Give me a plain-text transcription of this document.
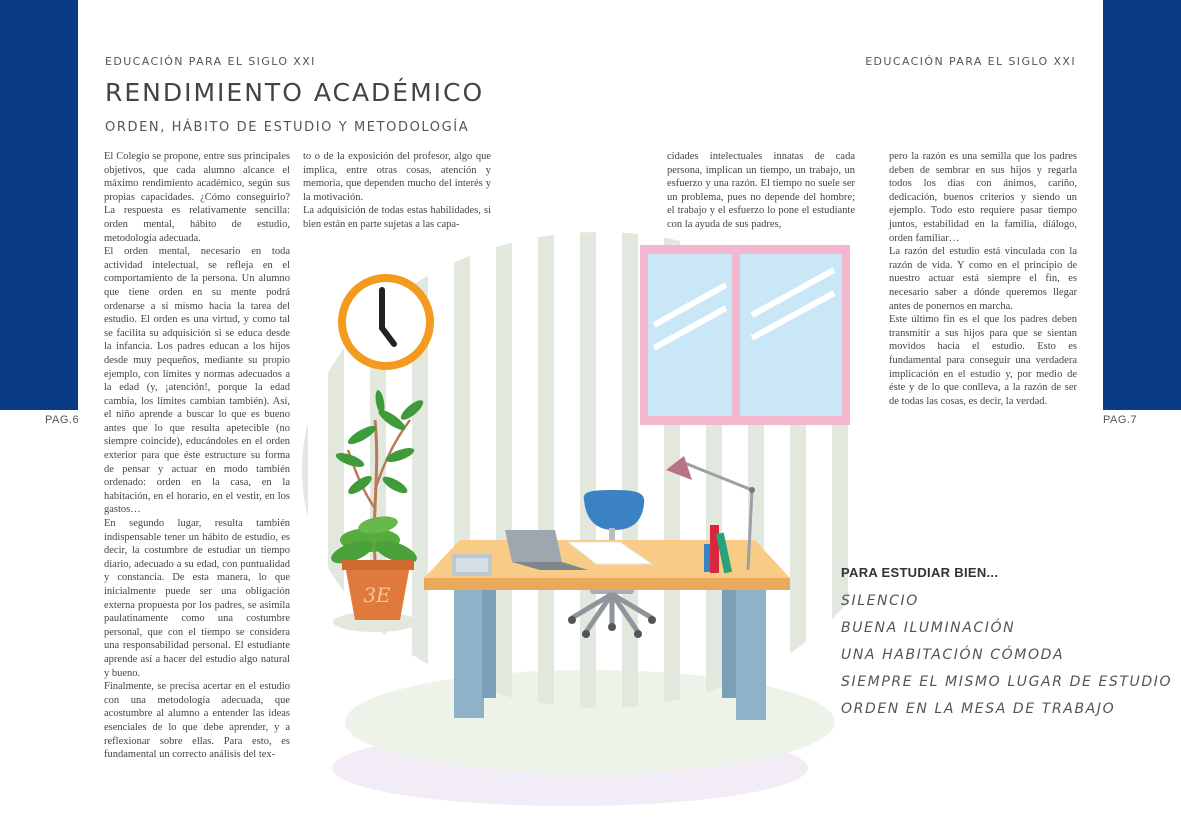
EDUCACIÓN PARA EL SIGLO XXI	EDUCACIÓN PARA EL SIGLO XXI
PAG.6	PAG.7
RENDIMIENTO ACADÉMICO
ORDEN, HÁBITO DE ESTUDIO Y METODOLOGÍA
3E

El Colegio se propone, entre sus principales objetivos, que cada alumno alcance el máximo rendimiento académico, según sus propias capacidades. ¿Cómo conseguirlo? La respuesta es relativamente sencilla: orden mental, hábito de estudio, metodología adecuada.

El orden mental, necesario en toda actividad intelectual, se refleja en el comportamiento de la persona. Un alumno que tiene orden en su mente podrá ordenarse a sí mismo hacia la tarea del estudio. El orden es una virtud, y como tal se facilita su adquisición si se educa desde la infancia. Los padres educan a los hijos desde muy pequeños, mediante su propio ejemplo, con límites y normas adecuados a la edad (y, ¡atención!, porque la edad cambia, los límites cambian también). Así, el niño aprende a buscar lo que es bueno antes que lo que resulta apetecible (no siempre coincide), educándoles en el orden exterior para que éste estructure su forma de pensar y actuar en modo también ordenado: orden en la casa, en la habitación, en el horario, en el vestir, en los gastos…

En segundo lugar, resulta también indispensable tener un hábito de estudio, es decir, la costumbre de estudiar un tiempo diario, adecuado a su edad, con puntualidad y constancia. De esta manera, lo que inicialmente puede ser una obligación externa propuesta por los padres, se asimila paulatinamente como una costumbre personal, que con el tiempo se considera una responsabilidad personal. El estudiante aprende así a hacer del estudio algo natural y bueno.

Finalmente, se precisa acertar en el estudio con una metodología adecuada, que acostumbre al alumno a entender las ideas esenciales de lo que debe aprender, y a reflexionar sobre ellas. Para esto, es fundamental un correcto análisis del tex-

to o de la exposición del profesor, algo que implica, entre otras cosas, atención y memoria, que dependen mucho del interés y la motivación.

La adquisición de todas estas habilidades, si bien están en parte sujetas a las capa-

cidades intelectuales innatas de cada persona, implican un tiempo, un trabajo, un esfuerzo y una razón. El tiempo no suele ser un problema, pues no depende del hombre; el trabajo y el esfuerzo lo pone el estudiante con la ayuda de sus padres,

pero la razón es una semilla que los padres deben de sembrar en sus hijos y regarla todos los días con ánimos, cariño, dedicación, buenos criterios y siendo un ejemplo. Todo esto requiere pasar tiempo juntos, estabilidad en la familia, diálogo, orden familiar…

La razón del estudio está vinculada con la razón de vida. Y como en el principio de nuestro actuar está siempre el fin, es necesario saber a dónde queremos llegar antes de ponernos en marcha.

Este último fin es el que los padres deben transmitir a sus hijos para que se sientan movidos hacia el estudio. Esto es fundamental para conseguir una verdadera implicación en el estudio y, por medio de éste y de lo que conlleva, a la razón de ser de todas las cosas, es decir, la verdad.

PARA ESTUDIAR BIEN...
SILENCIO
BUENA ILUMINACIÓN
UNA HABITACIÓN CÓMODA
SIEMPRE EL MISMO LUGAR DE ESTUDIO
ORDEN EN LA MESA DE TRABAJO
